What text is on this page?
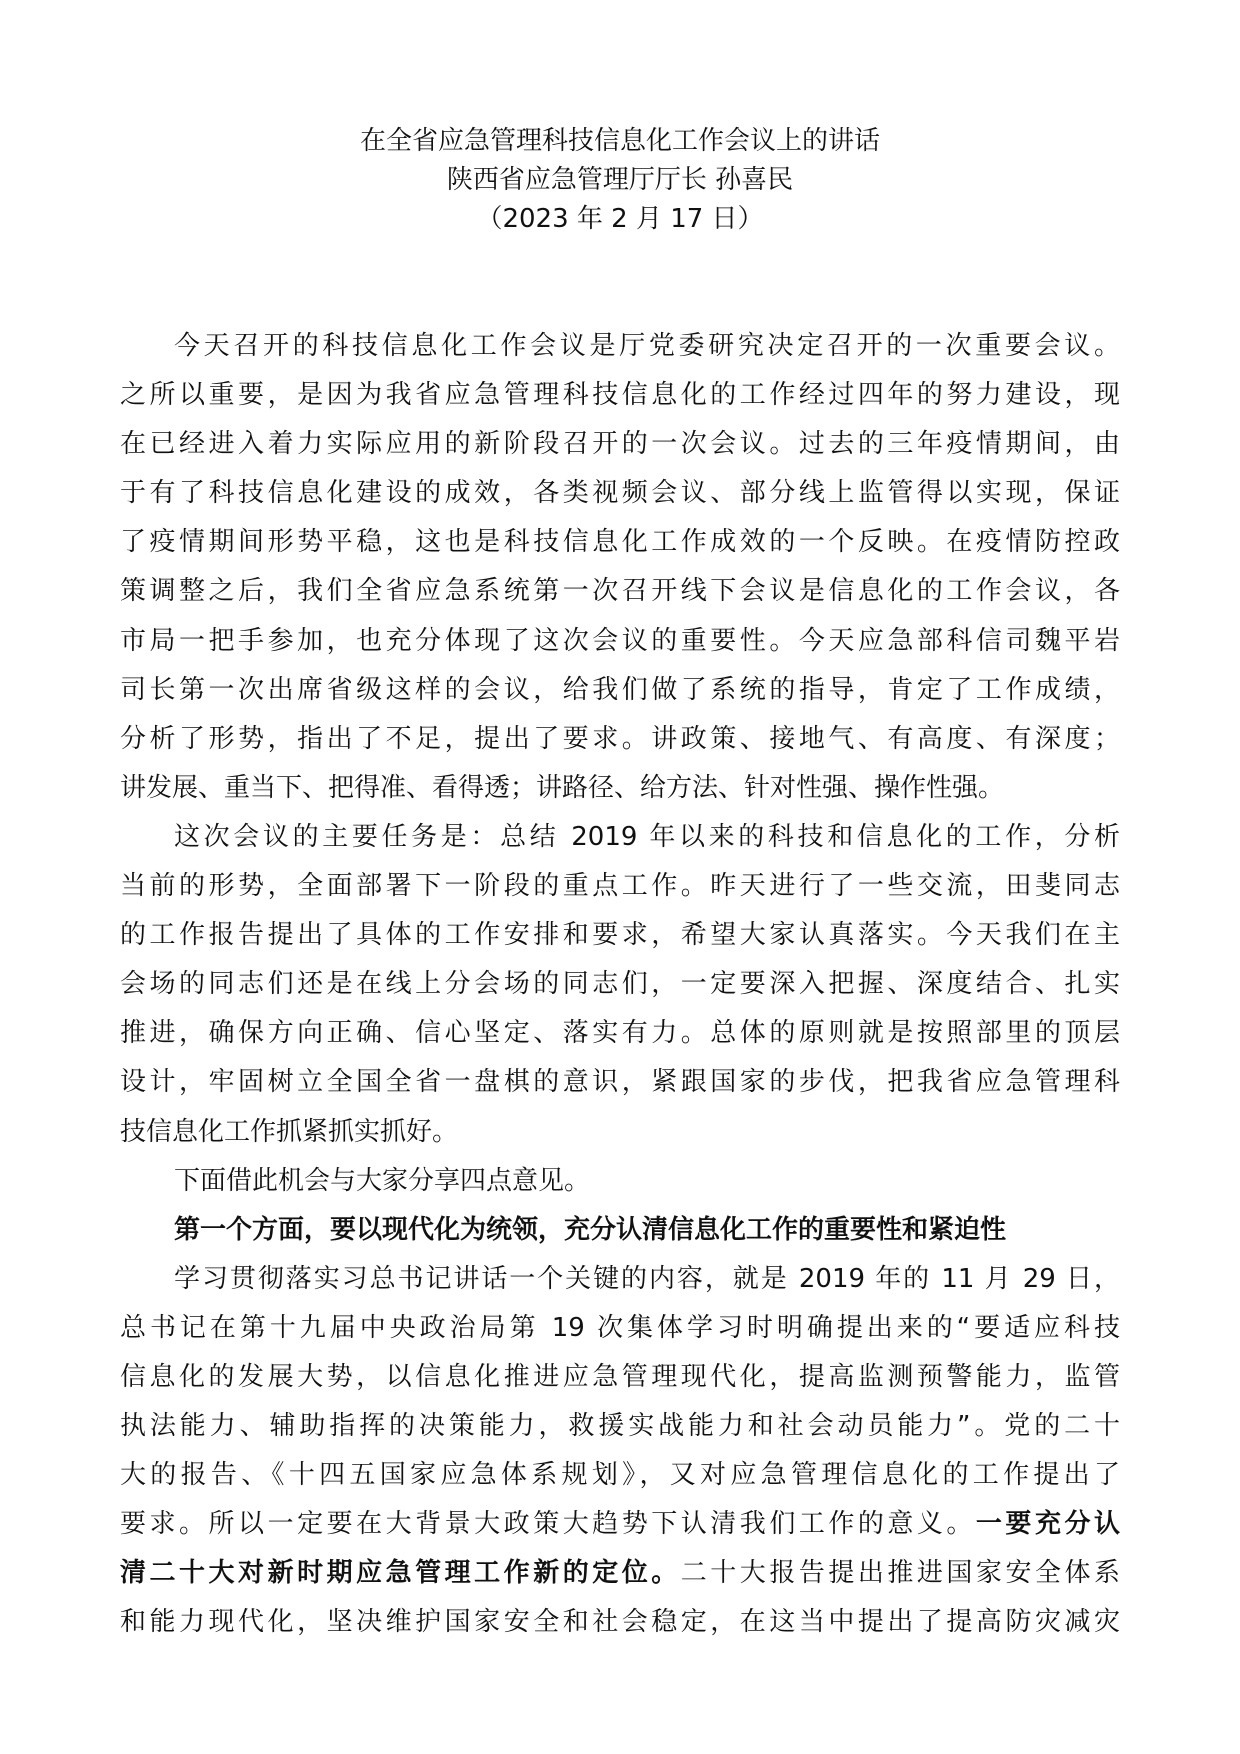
在全省应急管理科技信息化工作会议上的讲话
陕西省应急管理厅厅长 孙喜民
（2023 年 2 月 17 日）
今天召开的科技信息化工作会议是厅党委研究决定召开的一次重要会议。
之所以重要，是因为我省应急管理科技信息化的工作经过四年的努力建设，现
在已经进入着力实际应用的新阶段召开的一次会议。过去的三年疫情期间，由
于有了科技信息化建设的成效，各类视频会议、部分线上监管得以实现，保证
了疫情期间形势平稳，这也是科技信息化工作成效的一个反映。在疫情防控政
策调整之后，我们全省应急系统第一次召开线下会议是信息化的工作会议，各
市局一把手参加，也充分体现了这次会议的重要性。今天应急部科信司魏平岩
司长第一次出席省级这样的会议，给我们做了系统的指导，肯定了工作成绩，
分析了形势，指出了不足，提出了要求。讲政策、接地气、有高度、有深度；
讲发展、重当下、把得准、看得透；讲路径、给方法、针对性强、操作性强。
这次会议的主要任务是：总结 2019 年以来的科技和信息化的工作，分析
当前的形势，全面部署下一阶段的重点工作。昨天进行了一些交流，田斐同志
的工作报告提出了具体的工作安排和要求，希望大家认真落实。今天我们在主
会场的同志们还是在线上分会场的同志们，一定要深入把握、深度结合、扎实
推进，确保方向正确、信心坚定、落实有力。总体的原则就是按照部里的顶层
设计，牢固树立全国全省一盘棋的意识，紧跟国家的步伐，把我省应急管理科
技信息化工作抓紧抓实抓好。
下面借此机会与大家分享四点意见。
第一个方面，要以现代化为统领，充分认清信息化工作的重要性和紧迫性
学习贯彻落实习总书记讲话一个关键的内容，就是 2019 年的 11 月 29 日，
总书记在第十九届中央政治局第 19 次集体学习时明确提出来的“要适应科技
信息化的发展大势，以信息化推进应急管理现代化，提高监测预警能力，监管
执法能力、辅助指挥的决策能力，救援实战能力和社会动员能力”。党的二十
大的报告、《十四五国家应急体系规划》，又对应急管理信息化的工作提出了
要求。所以一定要在大背景大政策大趋势下认清我们工作的意义。一要充分认
清二十大对新时期应急管理工作新的定位。二十大报告提出推进国家安全体系
和能力现代化，坚决维护国家安全和社会稳定，在这当中提出了提高防灾减灾
